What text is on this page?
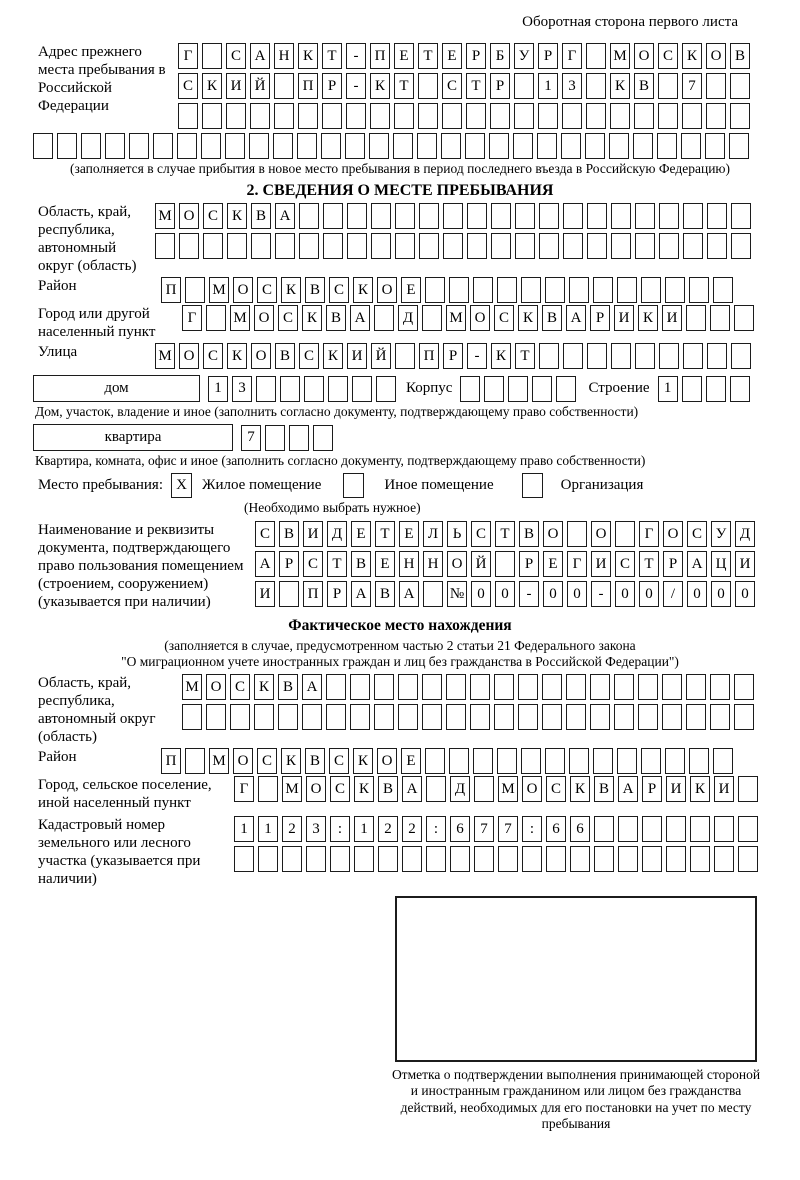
Оборотная сторона первого листа
Адрес прежнего места пребывания в Российской Федерации
Г	С А Н К Т	-	П Е Т Е	Р	Б У Р	Г	М О С К О В
С К И Й	П Р	-	К Т	С Т	Р	1	3	К В	7
(заполняется в случае прибытия в новое место пребывания в период последнего въезда в Российскую Федерацию)
2. СВЕДЕНИЯ О МЕСТЕ ПРЕБЫВАНИЯ
Область, край, республика, автономный округ (область)
М О С К В А
Район	П	М О С К В С К О Е
Город или другой населенный пункт
Г	М О С К В А	Д	М О С К В А Р И К И
Улица	М О С К О В С К И Й	П Р	-	К Т
дом	1	3	Корпус	Строение 1
Дом, участок, владение и иное (заполнить согласно документу, подтверждающему право собственности)
квартира	7
Квартира, комната, офис и иное (заполнить согласно документу, подтверждающему право собственности)
Место пребывания: X	Жилое помещение	Иное помещение	Организация
(Необходимо выбрать нужное)
Наименование и реквизиты документа, подтверждающего право пользования помещением (строением, сооружением) (указывается при наличии)
С В И Д Е Т Е Л Ь С Т В О	О	Г О С У Д
А Р С Т В Е Н Н О Й	Р	Е	Г И С Т	Р А Ц И
И	П Р А В А	№ 0	0	-	0	0	-	0	0	/	0	0	0
Фактическое место нахождения
(заполняется в случае, предусмотренном частью 2 статьи 21 Федерального закона
"О миграционном учете иностранных граждан и лиц без гражданства в Российской Федерации")
Область, край, республика, автономный округ (область)
М О С К В А
Район	П	М О С К В С К О Е
Город, сельское поселение, иной населенный пункт
Г	М О С К В А	Д	М О С К В А Р И К И
Кадастровый номер земельного или лесного участка (указывается при наличии)
1	1	2	3	:	1	2	2	:	6	7	7	:	6	6
Отметка о подтверждении выполнения принимающей стороной и иностранным гражданином или лицом без гражданства действий, необходимых для его постановки на учет по месту пребывания
